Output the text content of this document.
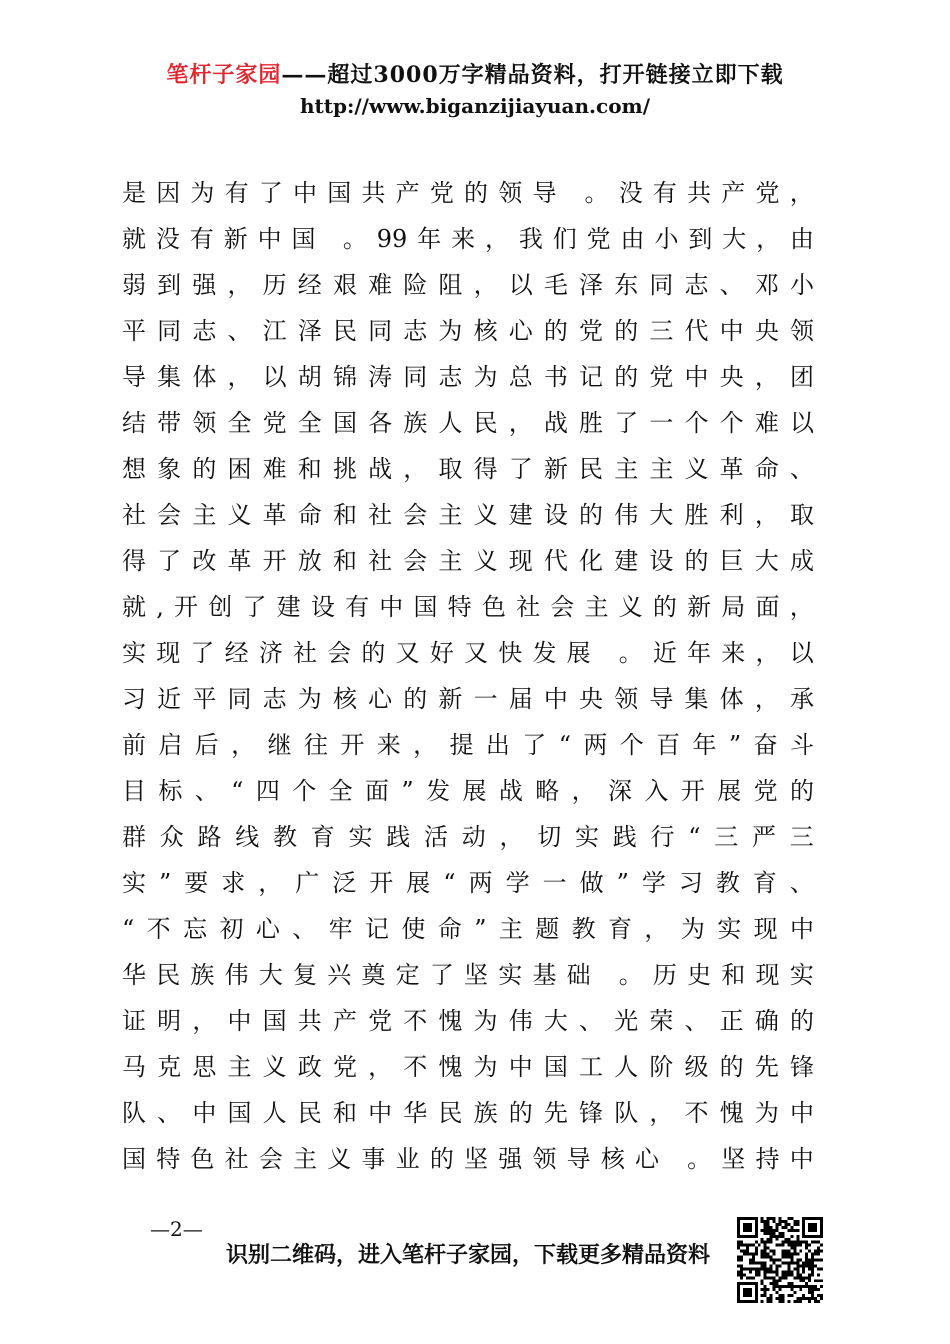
笔杆子家园——超过3000万字精品资料，打开链接立即下载
http://www.biganzijiayuan.com/
是 因 为 有 了 中 国 共 产 党 的 领 导
。 没 有 共 产 党 ，
就 没 有 新 中 国
。 99 年 来 ， 我 们 党 由 小 到 大 ， 由
弱 到 强 ， 历 经 艰 难 险 阻 ， 以 毛 泽 东 同 志 、 邓 小
平 同 志 、 江 泽 民 同 志 为 核 心 的 党 的 三 代 中 央 领
导 集 体 ， 以 胡 锦 涛 同 志 为 总 书 记 的 党 中 央 ， 团
结 带 领 全 党 全 国 各 族 人 民 ， 战 胜 了 一 个 个 难 以
想 象 的 困 难 和 挑 战 ， 取 得 了 新 民 主 主 义 革 命 、
社 会 主 义 革 命 和 社 会 主 义 建 设 的 伟 大 胜 利 ， 取
得 了 改 革 开 放 和 社 会 主 义 现 代 化 建 设 的 巨 大 成
就 , 开 创 了 建 设 有 中 国 特 色 社 会 主 义 的 新 局 面 ，
实 现 了 经 济 社 会 的 又 好 又 快 发 展
。 近 年 来 ， 以
习 近 平 同 志 为 核 心 的 新 一 届 中 央 领 导 集 体 ， 承
前 启 后 ， 继 往 开 来 ， 提 出 了 “ 两 个 百 年 ” 奋 斗
目 标 、 “ 四 个 全 面 ” 发 展 战 略 ， 深 入 开 展 党 的
群 众 路 线 教 育 实 践 活 动 ， 切 实 践 行 “ 三 严 三
实 ” 要 求 ， 广 泛 开 展 “ 两 学 一 做 ” 学 习 教 育 、
“ 不 忘 初 心 、 牢 记 使 命 ” 主 题 教 育 ， 为 实 现 中
华 民 族 伟 大 复 兴 奠 定 了 坚 实 基 础
。 历 史 和 现 实
证 明 ， 中 国 共 产 党 不 愧 为 伟 大 、 光 荣 、 正 确 的
马 克 思 主 义 政 党 ， 不 愧 为 中 国 工 人 阶 级 的 先 锋
队 、 中 国 人 民 和 中 华 民 族 的 先 锋 队 ， 不 愧 为 中
国 特 色 社 会 主 义 事 业 的 坚 强 领 导 核 心
。 坚 持 中
—2—
识别二维码，进入笔杆子家园，下载更多精品资料
